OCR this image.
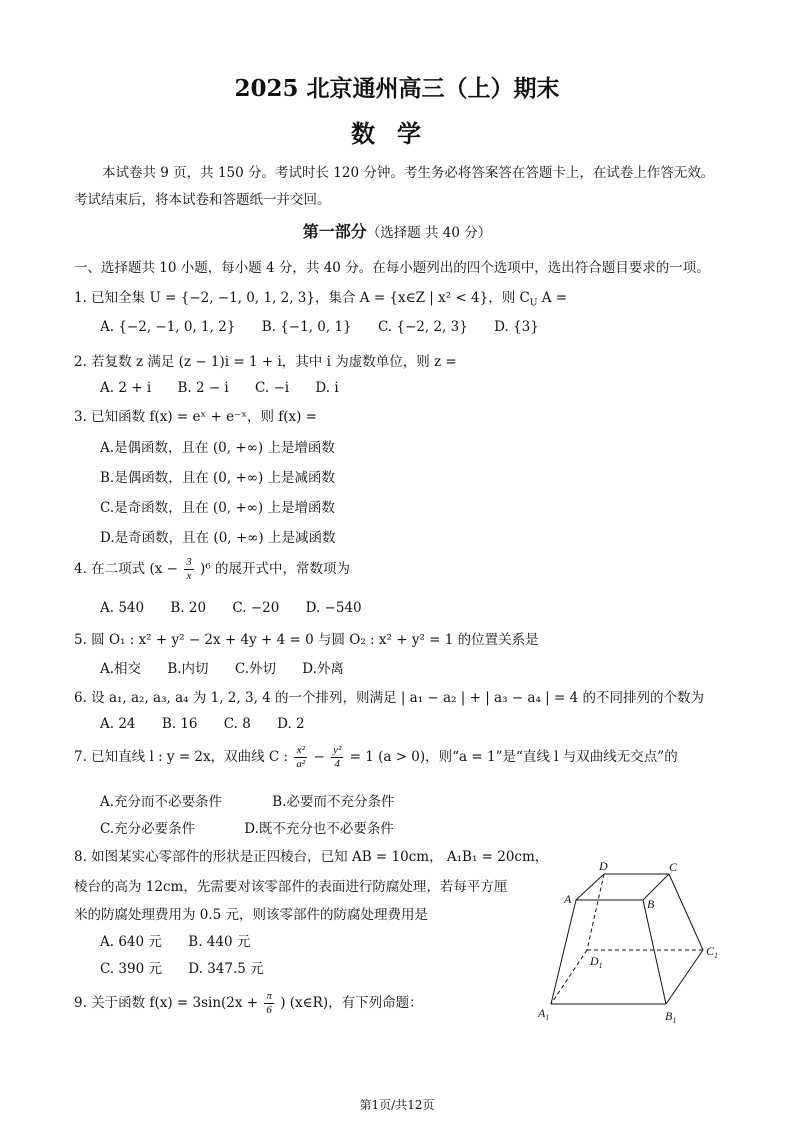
2025 北京通州高三（上）期末
数学
本试卷共 9 页，共 150 分。考试时长 120 分钟。考生务必将答案答在答题卡上，在试卷上作答无效。考试结束后，将本试卷和答题纸一并交回。
第一部分（选择题 共 40 分）
一、选择题共 10 小题，每小题 4 分，共 40 分。在每小题列出的四个选项中，选出符合题目要求的一项。
1. 已知全集 U = {−2, −1, 0, 1, 2, 3}，集合 A = {x∈Z | x² < 4}，则 $C_U$ A =
A. {−2, −1, 0, 1, 2} B. {−1, 0, 1} C. {−2, 2, 3} D. {3}
2. 若复数 z 满足 (z − 1)i = 1 + i，其中 i 为虚数单位，则 z =
A. 2 + i B. 2 − i C. −i D. i
3. 已知函数 f(x) = eˣ + e⁻ˣ，则 f(x) =
A.是偶函数，且在 (0, +∞) 上是增函数
B.是偶函数，且在 (0, +∞) 上是减函数
C.是奇函数，且在 (0, +∞) 上是增函数
D.是奇函数，且在 (0, +∞) 上是减函数
4. 在二项式 $(x - \frac{3}{x} )^6$ 的展开式中，常数项为
A. 540 B. 20 C. −20 D. −540
5. 圆 O₁ : x² + y² − 2x + 4y + 4 = 0 与圆 O₂ : x² + y² = 1 的位置关系是
A.相交 B.内切 C.外切 D.外离
6. 设 a₁, a₂, a₃, a₄ 为 1, 2, 3, 4 的一个排列，则满足 | a₁ − a₂ | + | a₃ − a₄ | = 4 的不同排列的个数为
A. 24 B. 16 C. 8 D. 2
7. 已知直线 l : y = 2x，双曲线 C : $\frac{\text{x²}}{\text{a²}} - \frac{\text{y²}}{4} = 1$ (a > 0)，则“a = 1”是“直线 l 与双曲线无交点”的
A.充分而不必要条件	B.必要而不充分条件
C.充分必要条件	D.既不充分也不必要条件
8. 如图某实心零部件的形状是正四棱台，已知 AB = 10cm， A₁B₁ = 20cm，
棱台的高为 12cm，先需要对该零部件的表面进行防腐处理，若每平方厘
米的防腐处理费用为 0.5 元，则该零部件的防腐处理费用是
A. 640 元 B. 440 元
C. 390 元 D. 347.5 元
9. 关于函数 $f(x) = 3\sin(2x + \frac{\pi}{6}$ ) (x∈R)，有下列命题：
A	B
C
D
$A_1$	$B_1$
$C_1$
$D_1$
第1页/共12页
